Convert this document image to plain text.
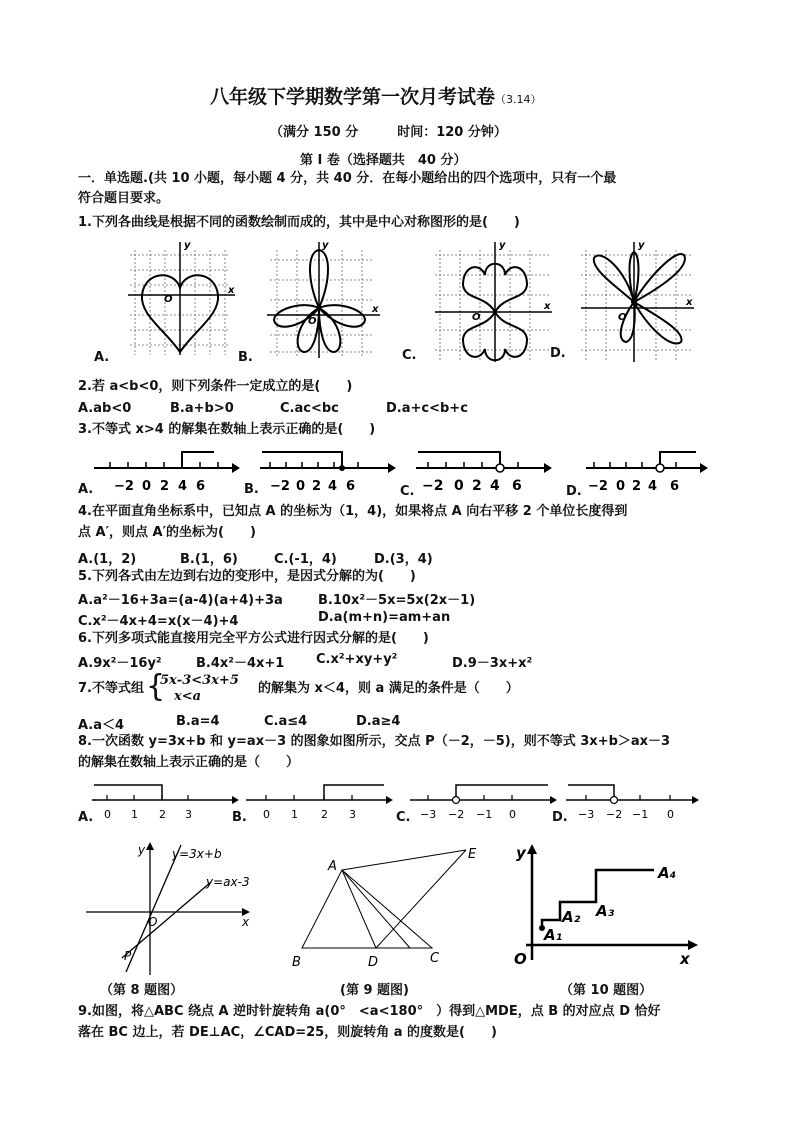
八年级下学期数学第一次月考试卷（3.14）
（满分 150 分　　　时间：120 分钟）
第 I 卷（选择题共　40 分）
一．单选题.(共 10 小题，每小题 4 分，共 40 分．在每小题给出的四个选项中，只有一个最
符合题目要求。
1.下列各曲线是根据不同的函数绘制而成的，其中是中心对称图形的是(　　)
x
y
O
A.
x
y
O
B.
x
y
O
C.
x
y
O
D.
2.若 a<b<0，则下列条件一定成立的是(　　)
A.ab<0	B.a+b>0	C.ac<bc	D.a+c<b+c
3.不等式 x>4 的解集在数轴上表示正确的是(　　)
A. −2 0 2 4 6	B. −2 0 2 4 6	C. −2 0 2 4 6	D. −2 0 2 4 6
4.在平面直角坐标系中，已知点 A 的坐标为（1，4)，如果将点 A 向右平移 2 个单位长度得到
点 A′，则点 A′的坐标为(　　)
A.(1，2)	B.(1，6)	C.(-1，4)	D.(3，4)
5.下列各式由左边到右边的变形中，是因式分解的为(　　)
A.a²－16+3a=(a-4)(a+4)+3a	B.10x²－5x=5x(2x－1)
C.x²－4x+4=x(x－4)+4	D.a(m+n)=am+an
6.下列多项式能直接用完全平方公式进行因式分解的是(　　)
A.9x²－16y²	B.4x²－4x+1 C.x²+xy+y²	D.9－3x+x²
7.不等式组 {
5x‑3<3x+5
x<a
的解集为 x＜4，则 a 满足的条件是（　　）
A.a＜4	B.a=4	C.a≤4	D.a≥4
8.一次函数 y=3x+b 和 y=ax－3 的图象如图所示，交点 P（－2，－5)，则不等式 3x+b＞ax－3
的解集在数轴上表示正确的是（　　）
A. 0 1 2 3	B. 0 1 2 3	C. −3 −2 −1 0	D. −3 −2 −1 0
y=3x+b
y=ax-3
y
x
O
P
A
E
B	D	C
A₁
A₂ A₃
A₄
O	x
y
（第 8 题图）	(第 9 题图)	（第 10 题图）
9.如图，将△ABC 绕点 A 逆时针旋转角 a(0°　<a<180°　）得到△MDE，点 B 的对应点 D 恰好
落在 BC 边上，若 DE⊥AC，∠CAD=25，则旋转角 a 的度数是(　　)
